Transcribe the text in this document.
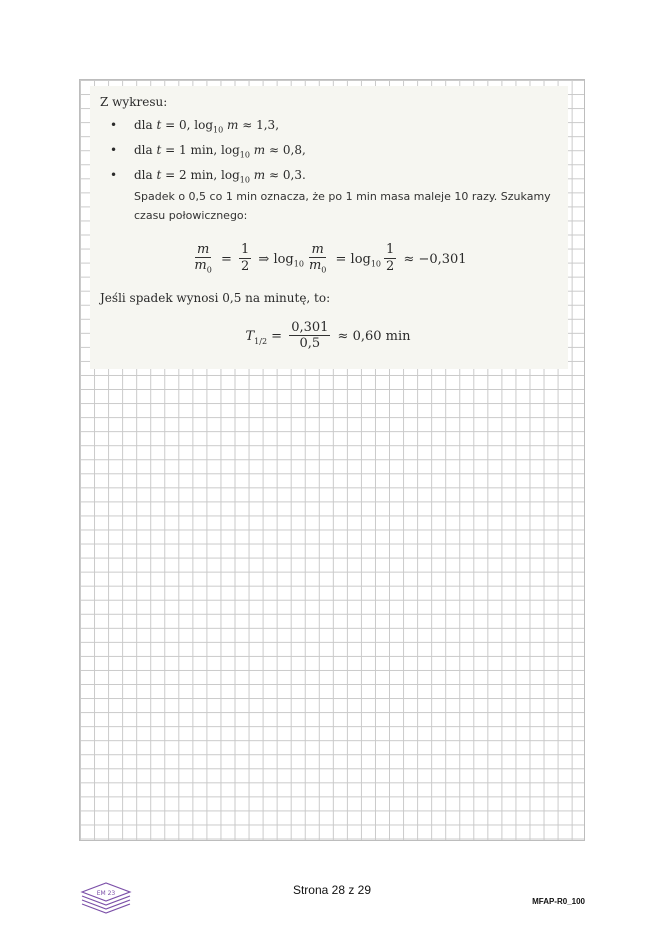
Z wykresu:

• dla t = 0, $\log_{10} m \approx 1,3$,
• dla t = 1 min, $\log_{10} m \approx 0,8$,
• dla t = 2 min, $\log_{10} m \approx 0,3$.
Spadek o 0,5 co 1 min oznacza, że po 1 min masa maleje 10 razy. Szukamy czasu połowicznego:
$\frac{m}{m_0} = \frac{1}{2}$ ⇒ $\log_{10} \frac{m}{m_0} = \log_{10} \frac{1}{2} \approx -0,301$

Jeśli spadek wynosi 0,5 na minutę, to:

$T_{1/2} = \frac{0,301}{0,5} \approx 0,60$ min
EM 23	Strona 28 z 29
MFAP-R0_100
